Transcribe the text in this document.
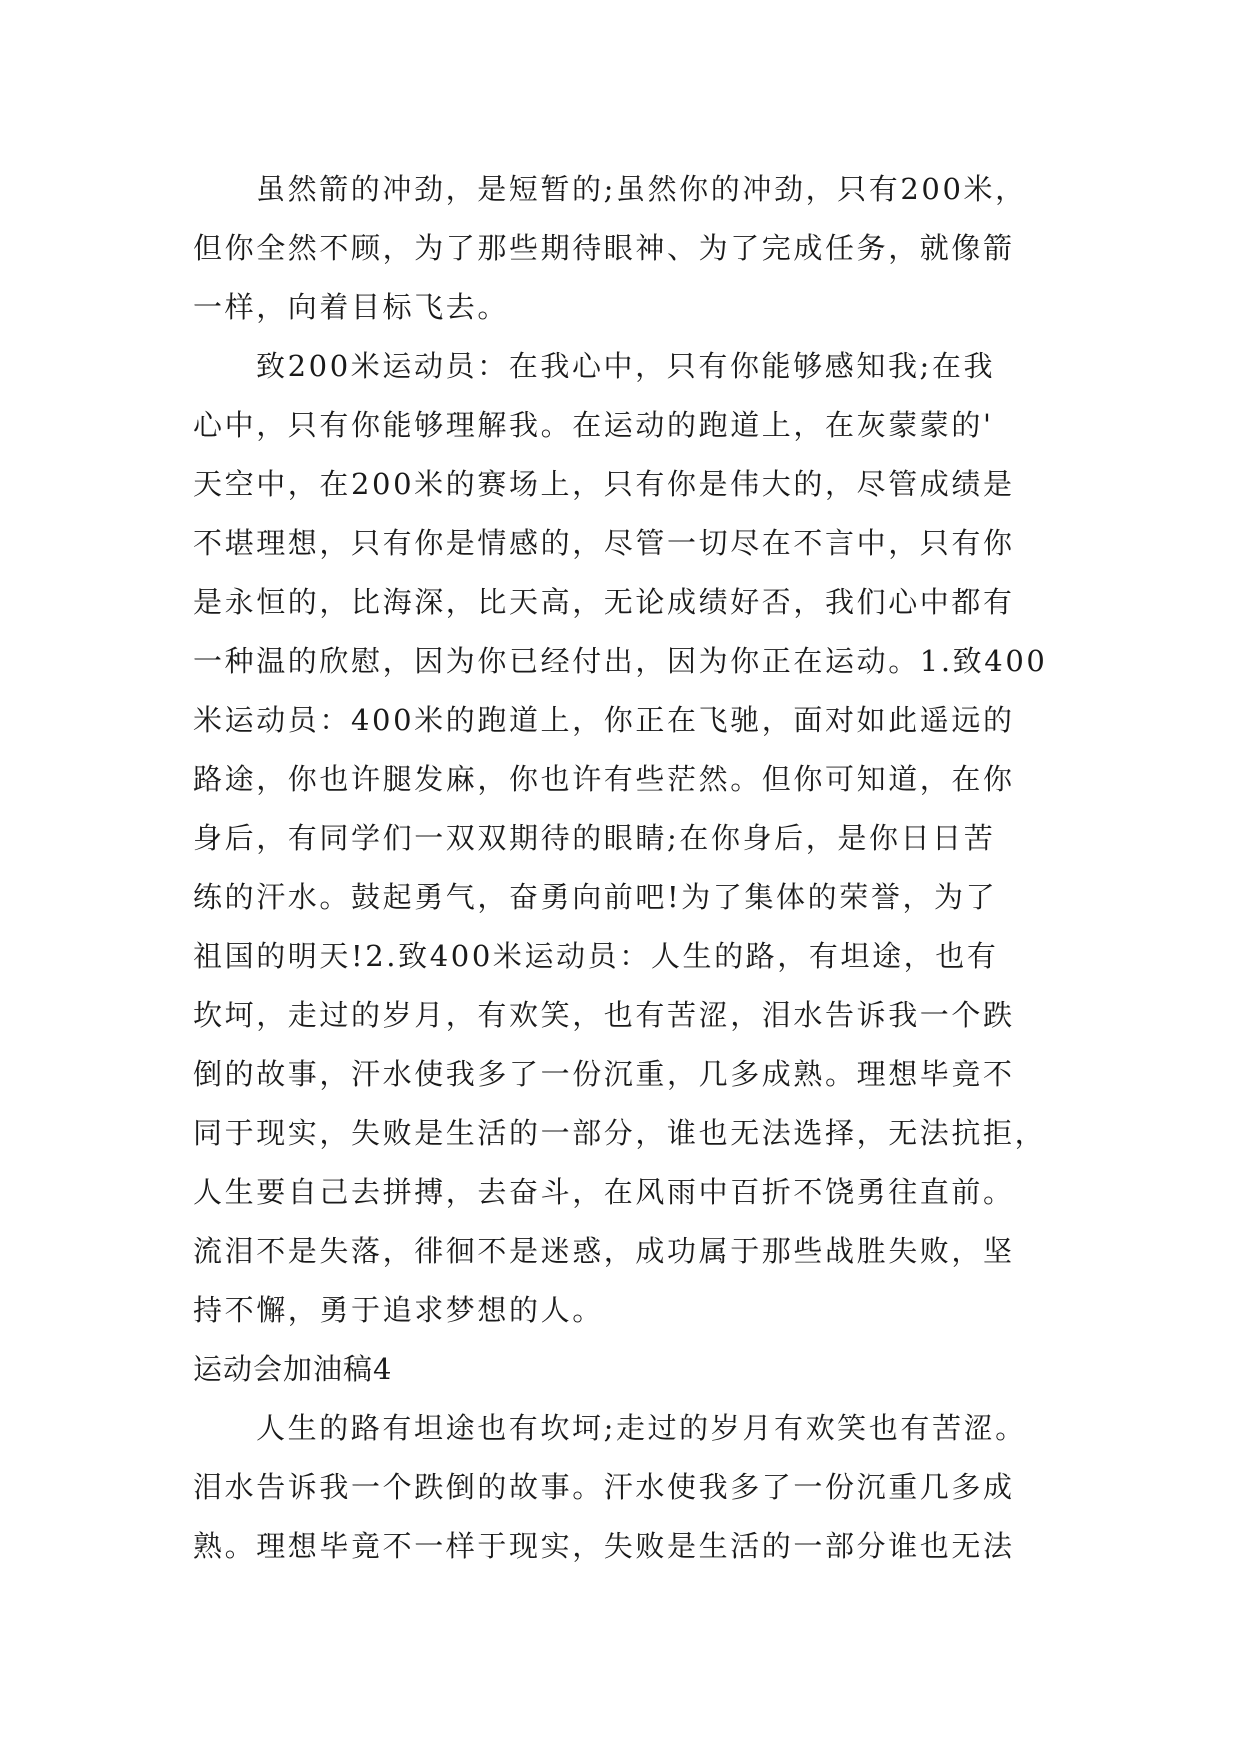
虽然箭的冲劲，是短暂的;虽然你的冲劲，只有200米，
但你全然不顾，为了那些期待眼神、为了完成任务，就像箭
一样，向着目标飞去。
致200米运动员：在我心中，只有你能够感知我;在我
心中，只有你能够理解我。在运动的跑道上，在灰蒙蒙的'
天空中，在200米的赛场上，只有你是伟大的，尽管成绩是
不堪理想，只有你是情感的，尽管一切尽在不言中，只有你
是永恒的，比海深，比天高，无论成绩好否，我们心中都有
一种温的欣慰，因为你已经付出，因为你正在运动。1.致400
米运动员：400米的跑道上，你正在飞驰，面对如此遥远的
路途，你也许腿发麻，你也许有些茫然。但你可知道，在你
身后，有同学们一双双期待的眼睛;在你身后，是你日日苦
练的汗水。鼓起勇气，奋勇向前吧!为了集体的荣誉，为了
祖国的明天!2.致400米运动员：人生的路，有坦途，也有
坎坷，走过的岁月，有欢笑，也有苦涩，泪水告诉我一个跌
倒的故事，汗水使我多了一份沉重，几多成熟。理想毕竟不
同于现实，失败是生活的一部分，谁也无法选择，无法抗拒，
人生要自己去拼搏，去奋斗，在风雨中百折不饶勇往直前。
流泪不是失落，徘徊不是迷惑，成功属于那些战胜失败，坚
持不懈，勇于追求梦想的人。
运动会加油稿4
人生的路有坦途也有坎坷;走过的岁月有欢笑也有苦涩。
泪水告诉我一个跌倒的故事。汗水使我多了一份沉重几多成
熟。理想毕竟不一样于现实，失败是生活的一部分谁也无法
